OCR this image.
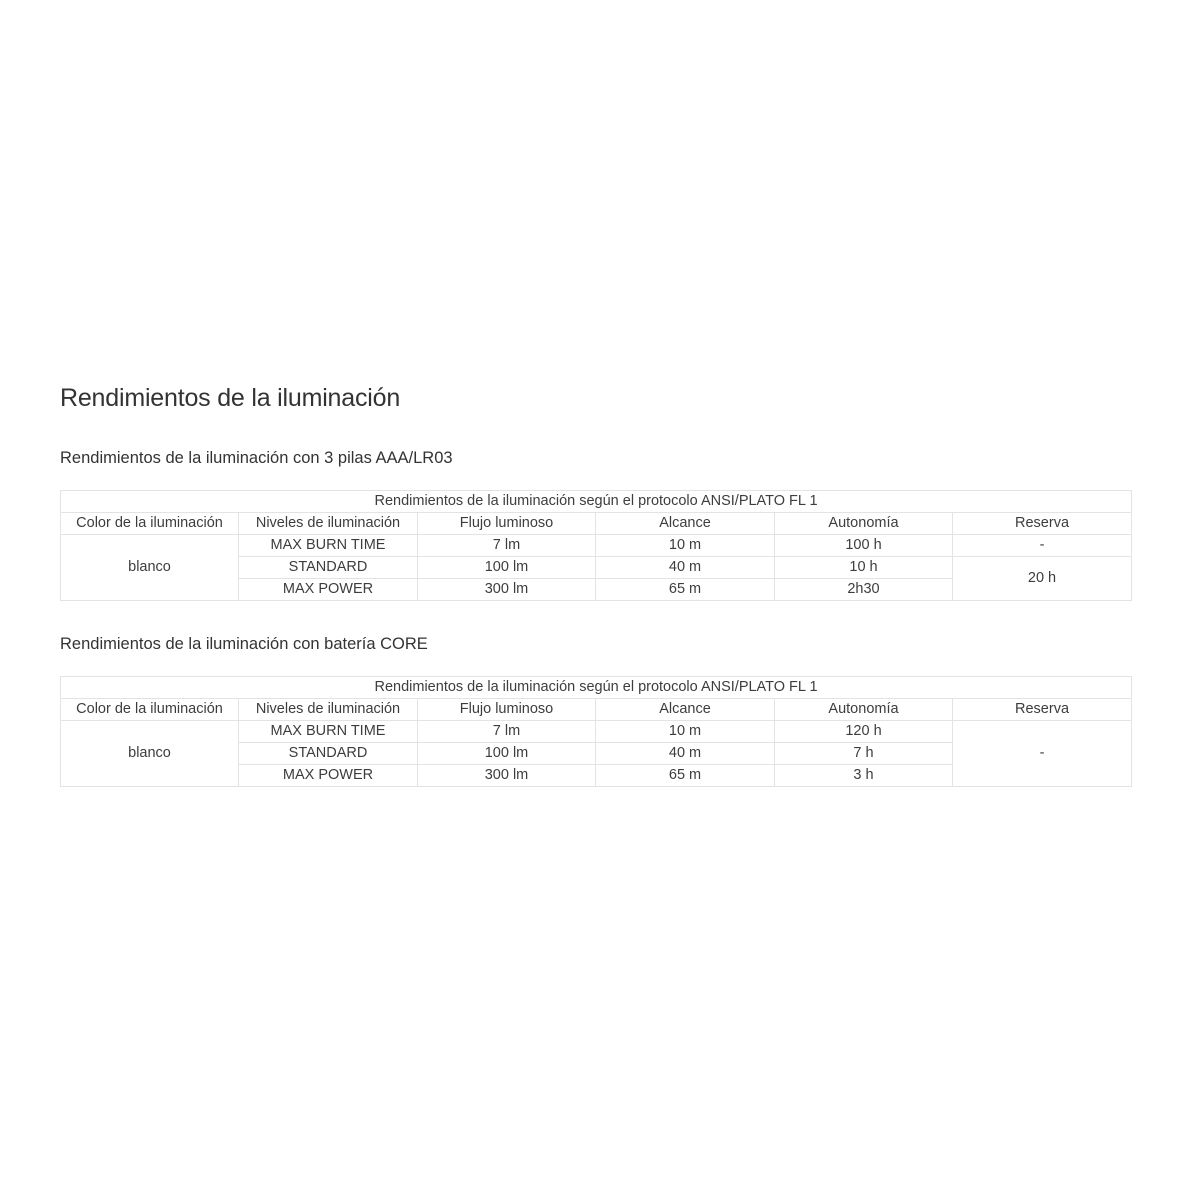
Rendimientos de la iluminación
Rendimientos de la iluminación con 3 pilas AAA/LR03
Rendimientos de la iluminación según el protocolo ANSI/PLATO FL 1					
Color de la iluminación	Niveles de iluminación	Flujo luminoso	Alcance	Autonomía	Reserva
blanco	MAX BURN TIME	7 lm	10 m	100 h	-
	STANDARD	100 lm	40 m	10 h	20 h
	MAX POWER	300 lm	65 m	2h30	
Rendimientos de la iluminación con batería CORE
Rendimientos de la iluminación según el protocolo ANSI/PLATO FL 1					
Color de la iluminación	Niveles de iluminación	Flujo luminoso	Alcance	Autonomía	Reserva
blanco	MAX BURN TIME	7 lm	10 m	120 h	-
	STANDARD	100 lm	40 m	7 h	
	MAX POWER	300 lm	65 m	3 h	
